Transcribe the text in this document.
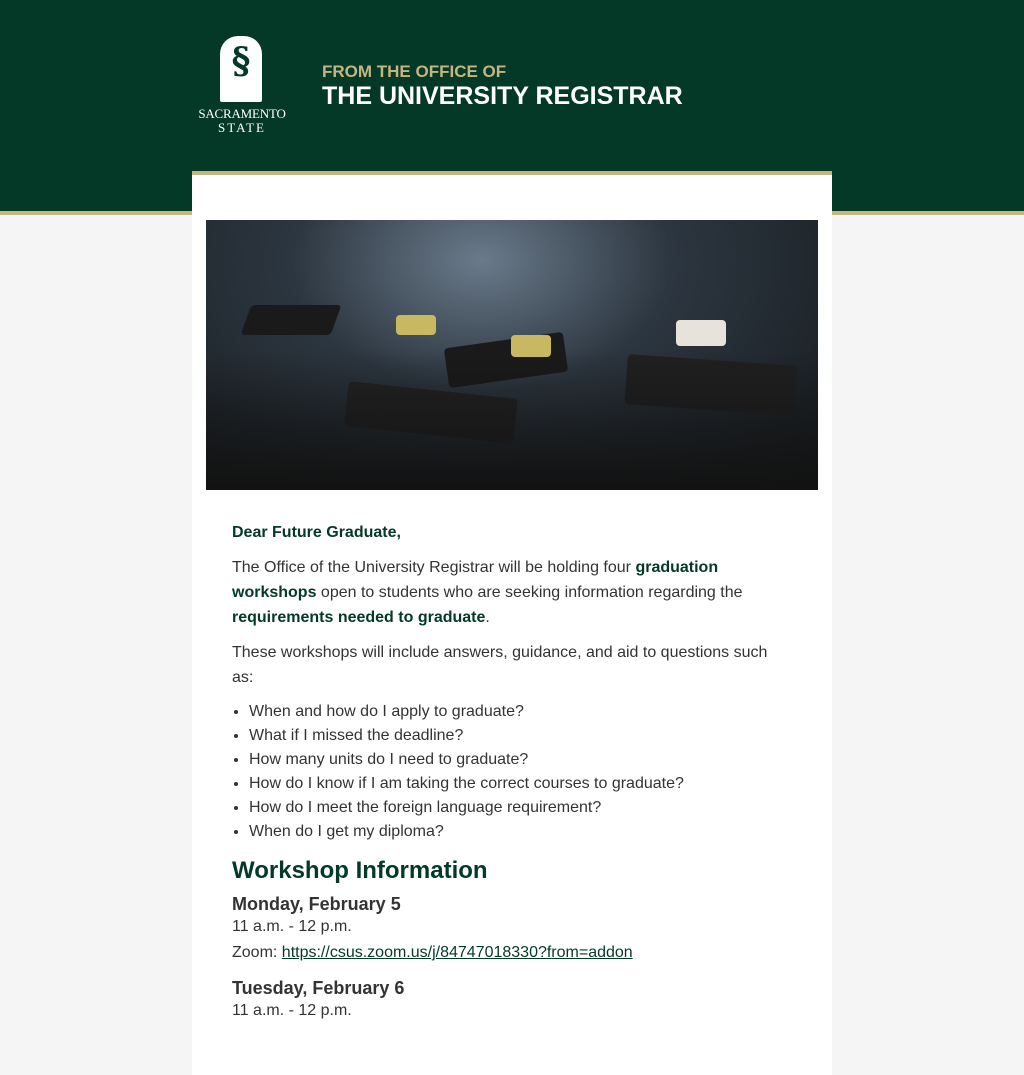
§
SACRAMENTO
STATE
FROM THE OFFICE OF
THE UNIVERSITY REGISTRAR

Dear Future Graduate,

The Office of the University Registrar will be holding four graduation workshops open to students who are seeking information regarding the requirements needed to graduate.

These workshops will include answers, guidance, and aid to questions such as:

• When and how do I apply to graduate?
• What if I missed the deadline?
• How many units do I need to graduate?
• How do I know if I am taking the correct courses to graduate?
• How do I meet the foreign language requirement?
• When do I get my diploma?
Workshop Information
Monday, February 5
11 a.m. - 12 p.m.
Zoom: https://csus.zoom.us/j/84747018330?from=addon
Tuesday, February 6
11 a.m. - 12 p.m.
